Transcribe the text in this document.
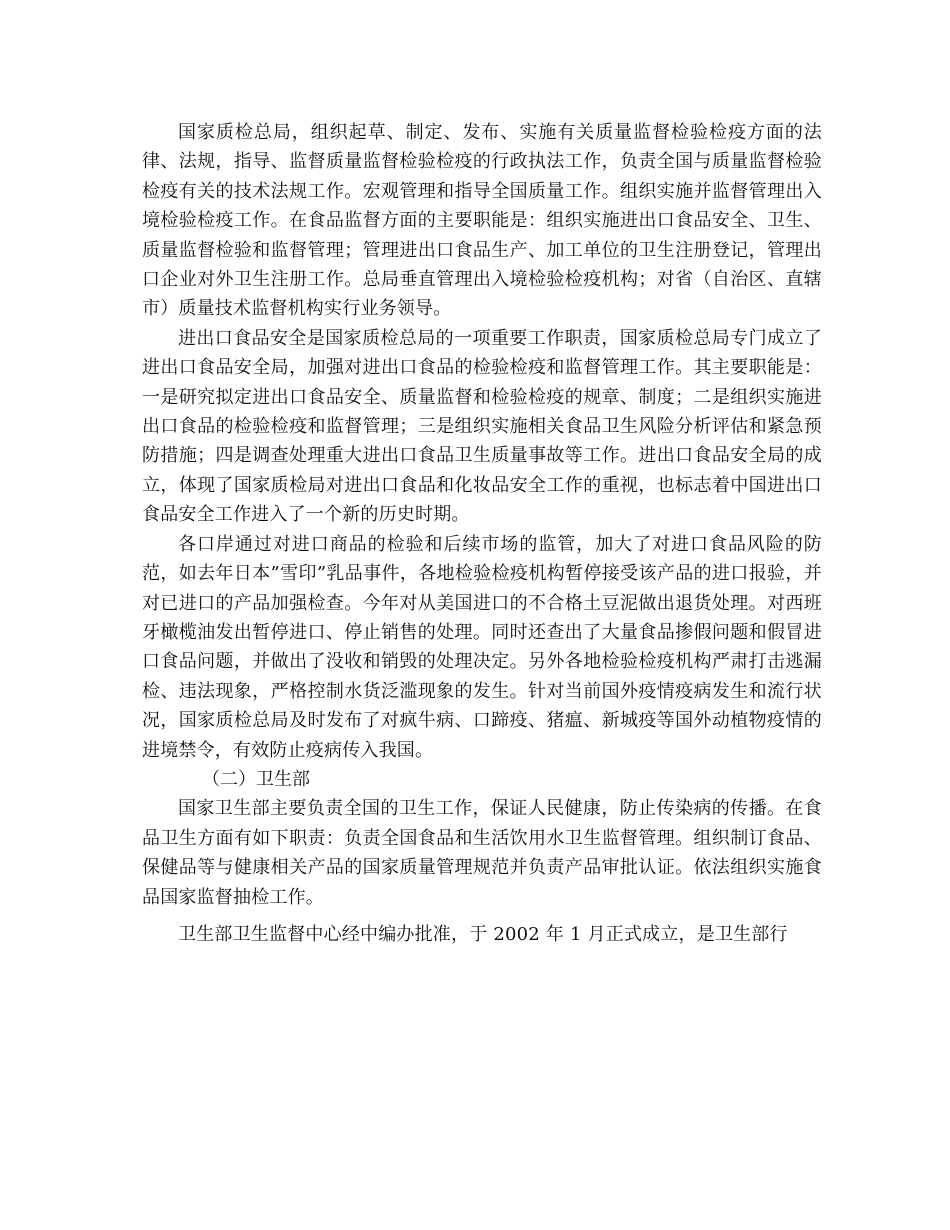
国家质检总局，组织起草、制定、发布、实施有关质量监督检验检疫方面的法律、法规，指导、监督质量监督检验检疫的行政执法工作，负责全国与质量监督检验检疫有关的技术法规工作。宏观管理和指导全国质量工作。组织实施并监督管理出入境检验检疫工作。在食品监督方面的主要职能是：组织实施进出口食品安全、卫生、质量监督检验和监督管理；管理进出口食品生产、加工单位的卫生注册登记，管理出口企业对外卫生注册工作。总局垂直管理出入境检验检疫机构；对省（自治区、直辖市）质量技术监督机构实行业务领导。

进出口食品安全是国家质检总局的一项重要工作职责，国家质检总局专门成立了进出口食品安全局，加强对进出口食品的检验检疫和监督管理工作。其主要职能是：一是研究拟定进出口食品安全、质量监督和检验检疫的规章、制度；二是组织实施进出口食品的检验检疫和监督管理；三是组织实施相关食品卫生风险分析评估和紧急预防措施；四是调查处理重大进出口食品卫生质量事故等工作。进出口食品安全局的成立，体现了国家质检局对进出口食品和化妆品安全工作的重视，也标志着中国进出口食品安全工作进入了一个新的历史时期。

各口岸通过对进口商品的检验和后续市场的监管，加大了对进口食品风险的防范，如去年日本”雪印”乳品事件，各地检验检疫机构暂停接受该产品的进口报验，并对已进口的产品加强检查。今年对从美国进口的不合格土豆泥做出退货处理。对西班牙橄榄油发出暂停进口、停止销售的处理。同时还查出了大量食品掺假问题和假冒进口食品问题，并做出了没收和销毁的处理决定。另外各地检验检疫机构严肃打击逃漏检、违法现象，严格控制水货泛滥现象的发生。针对当前国外疫情疫病发生和流行状况，国家质检总局及时发布了对疯牛病、口蹄疫、猪瘟、新城疫等国外动植物疫情的进境禁令，有效防止疫病传入我国。

（二）卫生部

国家卫生部主要负责全国的卫生工作，保证人民健康，防止传染病的传播。在食品卫生方面有如下职责：负责全国食品和生活饮用水卫生监督管理。组织制订食品、保健品等与健康相关产品的国家质量管理规范并负责产品审批认证。依法组织实施食品国家监督抽检工作。

卫生部卫生监督中心经中编办批准，于 2002 年 1 月正式成立，是卫生部行
